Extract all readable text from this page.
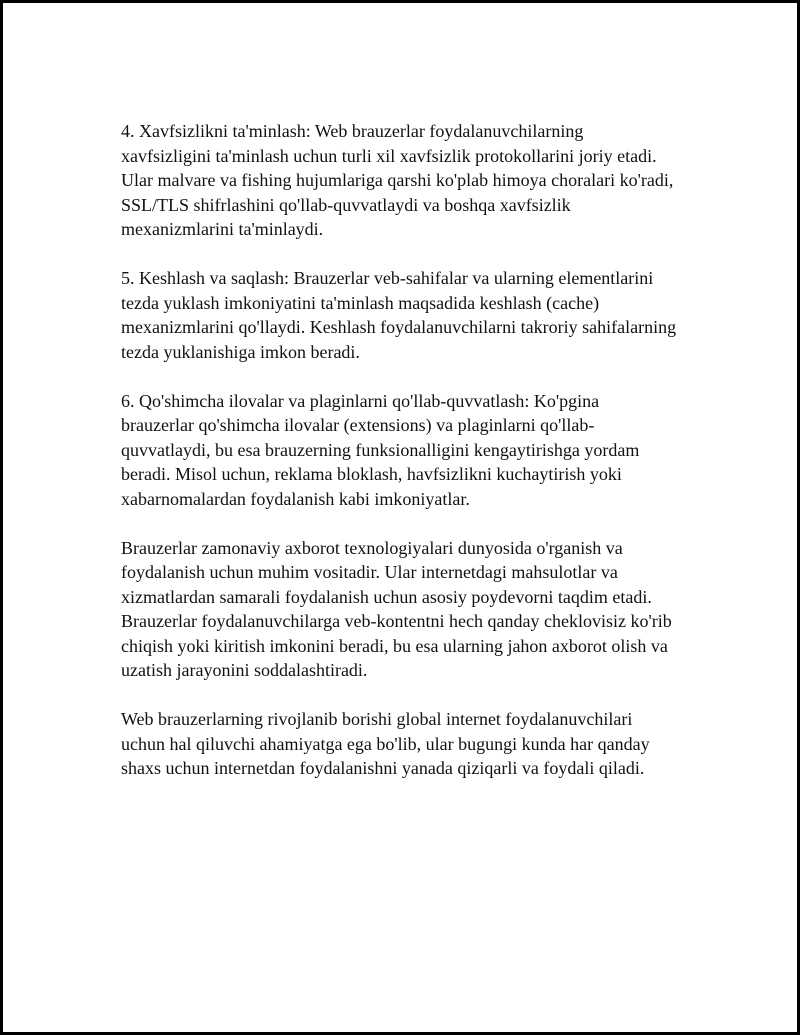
4. Xavfsizlikni ta'minlash: Web brauzerlar foydalanuvchilarning
xavfsizligini ta'minlash uchun turli xil xavfsizlik protokollarini joriy etadi.
Ular malvare va fishing hujumlariga qarshi ko'plab himoya choralari ko'radi,
SSL/TLS shifrlashini qo'llab-quvvatlaydi va boshqa xavfsizlik
mexanizmlarini ta'minlaydi.

5. Keshlash va saqlash: Brauzerlar veb-sahifalar va ularning elementlarini
tezda yuklash imkoniyatini ta'minlash maqsadida keshlash (cache)
mexanizmlarini qo'llaydi. Keshlash foydalanuvchilarni takroriy sahifalarning
tezda yuklanishiga imkon beradi.

6. Qo'shimcha ilovalar va plaginlarni qo'llab-quvvatlash: Ko'pgina
brauzerlar qo'shimcha ilovalar (extensions) va plaginlarni qo'llab-
quvvatlaydi, bu esa brauzerning funksionalligini kengaytirishga yordam
beradi. Misol uchun, reklama bloklash, havfsizlikni kuchaytirish yoki
xabarnomalardan foydalanish kabi imkoniyatlar.

Brauzerlar zamonaviy axborot texnologiyalari dunyosida o'rganish va
foydalanish uchun muhim vositadir. Ular internetdagi mahsulotlar va
xizmatlardan samarali foydalanish uchun asosiy poydevorni taqdim etadi.
Brauzerlar foydalanuvchilarga veb-kontentni hech qanday cheklovisiz ko'rib
chiqish yoki kiritish imkonini beradi, bu esa ularning jahon axborot olish va
uzatish jarayonini soddalashtiradi.

Web brauzerlarning rivojlanib borishi global internet foydalanuvchilari
uchun hal qiluvchi ahamiyatga ega bo'lib, ular bugungi kunda har qanday
shaxs uchun internetdan foydalanishni yanada qiziqarli va foydali qiladi.
